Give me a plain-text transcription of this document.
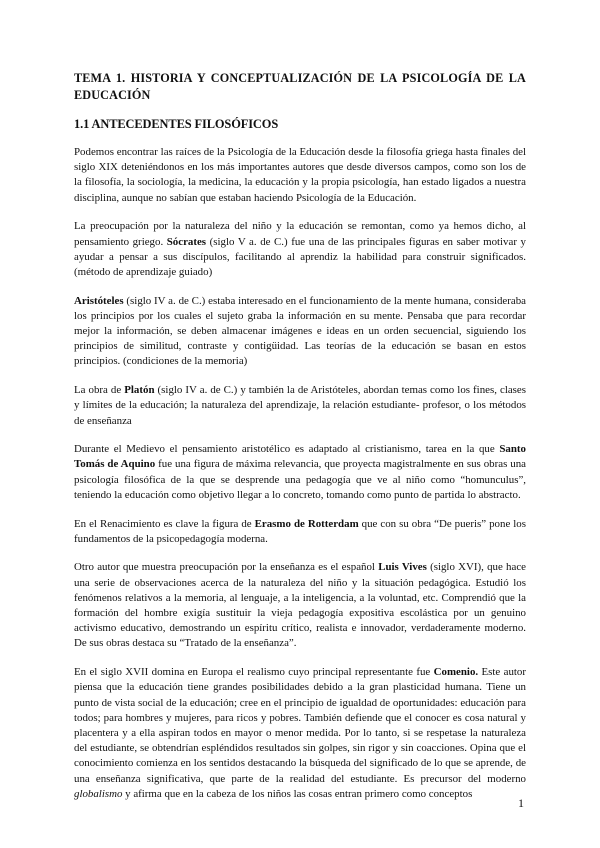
TEMA 1. HISTORIA Y CONCEPTUALIZACIÓN DE LA PSICOLOGÍA DE LA EDUCACIÓN
1.1 ANTECEDENTES FILOSÓFICOS

Podemos encontrar las raíces de la Psicología de la Educación desde la filosofía griega hasta finales del siglo XIX deteniéndonos en los más importantes autores que desde diversos campos, como son los de la filosofía, la sociología, la medicina, la educación y la propia psicología, han estado ligados a nuestra disciplina, aunque no sabían que estaban haciendo Psicología de la Educación.

La preocupación por la naturaleza del niño y la educación se remontan, como ya hemos dicho, al pensamiento griego. Sócrates (siglo V a. de C.) fue una de las principales figuras en saber motivar y ayudar a pensar a sus discípulos, facilitando al aprendiz la habilidad para construir significados. (método de aprendizaje guiado)

Aristóteles (siglo IV a. de C.) estaba interesado en el funcionamiento de la mente humana, consideraba los principios por los cuales el sujeto graba la información en su mente. Pensaba que para recordar mejor la información, se deben almacenar imágenes e ideas en un orden secuencial, siguiendo los principios de similitud, contraste y contigüidad. Las teorías de la educación se basan en estos principios. (condiciones de la memoria)

La obra de Platón (siglo IV a. de C.) y también la de Aristóteles, abordan temas como los fines, clases y límites de la educación; la naturaleza del aprendizaje, la relación estudiante- profesor, o los métodos de enseñanza

Durante el Medievo el pensamiento aristotélico es adaptado al cristianismo, tarea en la que Santo Tomás de Aquino fue una figura de máxima relevancia, que proyecta magistralmente en sus obras una psicología filosófica de la que se desprende una pedagogía que ve al niño como “homunculus”, teniendo la educación como objetivo llegar a lo concreto, tomando como punto de partida lo abstracto.

En el Renacimiento es clave la figura de Erasmo de Rotterdam que con su obra “De pueris” pone los fundamentos de la psicopedagogía moderna.

Otro autor que muestra preocupación por la enseñanza es el español Luis Vives (siglo XVI), que hace una serie de observaciones acerca de la naturaleza del niño y la situación pedagógica. Estudió los fenómenos relativos a la memoria, al lenguaje, a la inteligencia, a la voluntad, etc. Comprendió que la formación del hombre exigía sustituir la vieja pedagogía expositiva escolástica por un genuino activismo educativo, demostrando un espíritu crítico, realista e innovador, verdaderamente moderno. De sus obras destaca su “Tratado de la enseñanza”.

En el siglo XVII domina en Europa el realismo cuyo principal representante fue Comenio. Este autor piensa que la educación tiene grandes posibilidades debido a la gran plasticidad humana. Tiene un punto de vista social de la educación; cree en el principio de igualdad de oportunidades: educación para todos; para hombres y mujeres, para ricos y pobres. También defiende que el conocer es cosa natural y placentera y a ella aspiran todos en mayor o menor medida. Por lo tanto, si se respetase la naturaleza del estudiante, se obtendrían espléndidos resultados sin golpes, sin rigor y sin coacciones. Opina que el conocimiento comienza en los sentidos destacando la búsqueda del significado de lo que se aprende, de una enseñanza significativa, que parte de la realidad del estudiante. Es precursor del moderno globalismo y afirma que en la cabeza de los niños las cosas entran primero como conceptos

1
